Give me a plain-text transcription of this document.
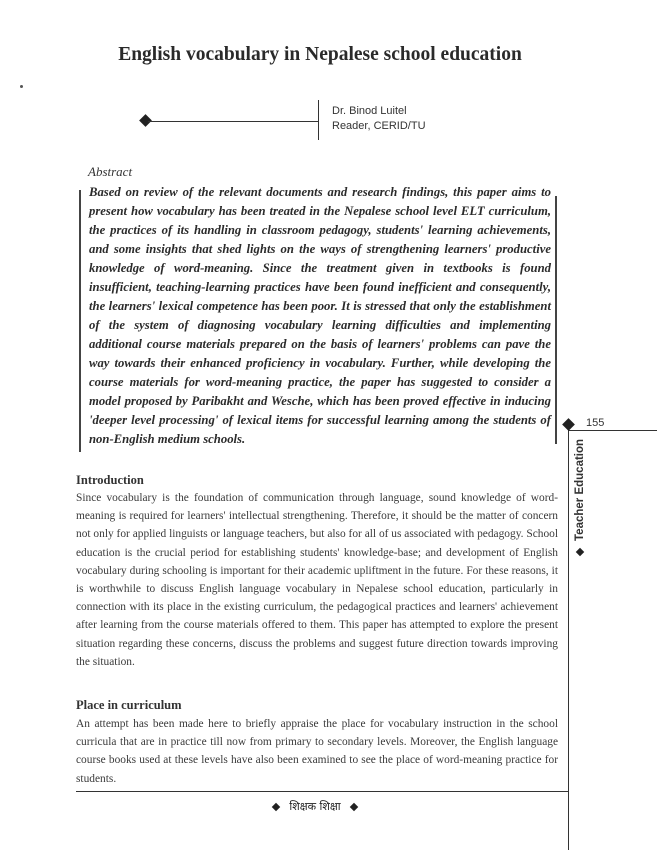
English vocabulary in Nepalese school education
Dr. Binod Luitel
Reader, CERID/TU
Abstract

Based on review of the relevant documents and research findings, this paper aims to present how vocabulary has been treated in the Nepalese school level ELT curriculum, the practices of its handling in classroom pedagogy, students' learning achievements, and some insights that shed lights on the ways of strengthening learners' productive knowledge of word-meaning. Since the treatment given in textbooks is found insufficient, teaching-learning practices have been found inefficient and consequently, the learners' lexical competence has been poor. It is stressed that only the establishment of the system of diagnosing vocabulary learning difficulties and implementing additional course materials prepared on the basis of learners' problems can pave the way towards their enhanced proficiency in vocabulary. Further, while developing the course materials for word-meaning practice, the paper has suggested to consider a model proposed by Paribakht and Wesche, which has been proved effective in inducing 'deeper level processing' of lexical items for successful learning among the students of non-English medium schools.

Introduction

Since vocabulary is the foundation of communication through language, sound knowledge of word-meaning is required for learners' intellectual strengthening. Therefore, it should be the matter of concern not only for applied linguists or language teachers, but also for all of us associated with pedagogy. School education is the crucial period for establishing students' knowledge-base; and development of English vocabulary during schooling is important for their academic upliftment in the future. For these reasons, it is worthwhile to discuss English language vocabulary in Nepalese school education, particularly in connection with its place in the existing curriculum, the pedagogical practices and learners' achievement after learning from the course materials offered to them. This paper has attempted to explore the present situation regarding these concerns, discuss the problems and suggest future direction towards improving the situation.

Place in curriculum

An attempt has been made here to briefly appraise the place for vocabulary instruction in the school curricula that are in practice till now from primary to secondary levels. Moreover, the English language course books used at these levels have also been examined to see the place of word-meaning practice for students.

शिक्षक शिक्षा
155
Teacher Education
